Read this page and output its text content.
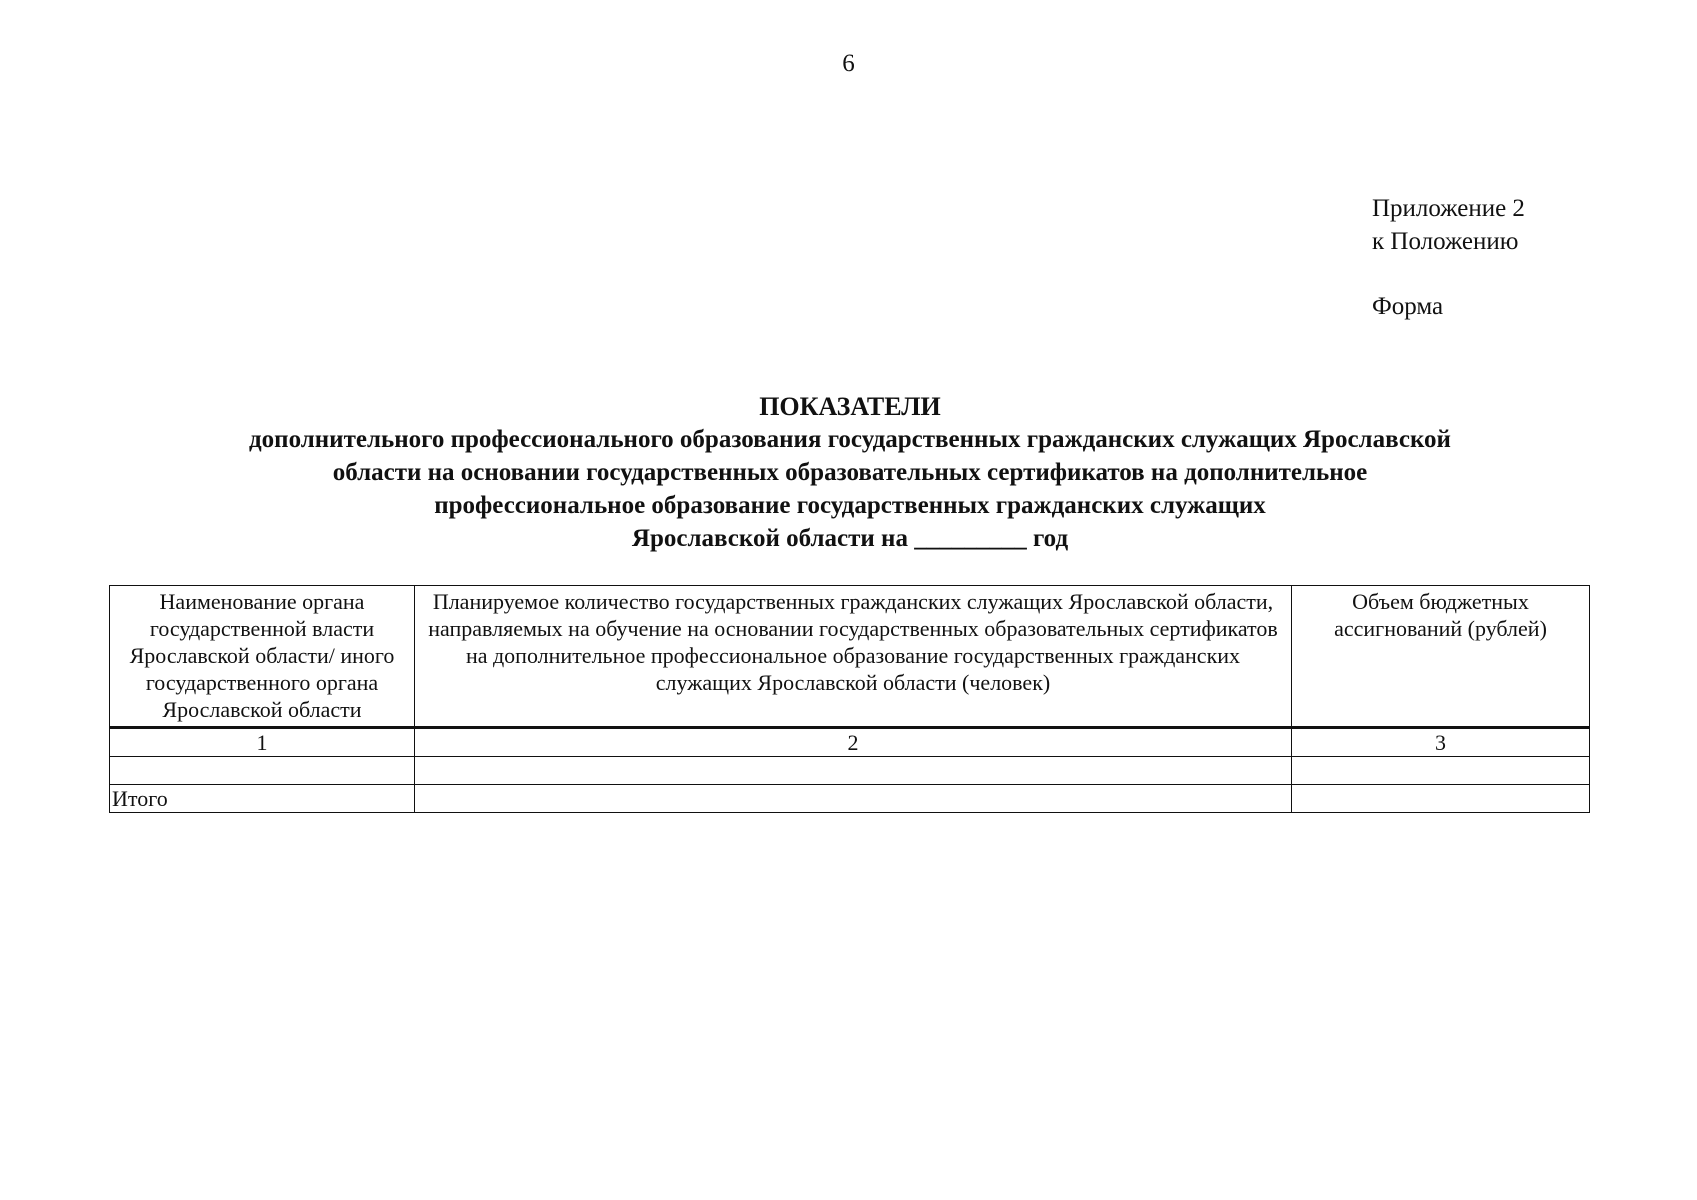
6
Приложение 2
к Положению
Форма
ПОКАЗАТЕЛИ
дополнительного профессионального образования государственных гражданских служащих Ярославской
области на основании государственных образовательных сертификатов на дополнительное
профессиональное образование государственных гражданских служащих
Ярославской области на _________ год
Наименование органа государственной власти Ярославской области/ иного государственного органа Ярославской области	Планируемое количество государственных гражданских служащих Ярославской области, направляемых на обучение на основании государственных образовательных сертификатов на дополнительное профессиональное образование государственных гражданских служащих Ярославской области (человек)	Объем бюджетных ассигнований (рублей)
1	2	3

Итого		
